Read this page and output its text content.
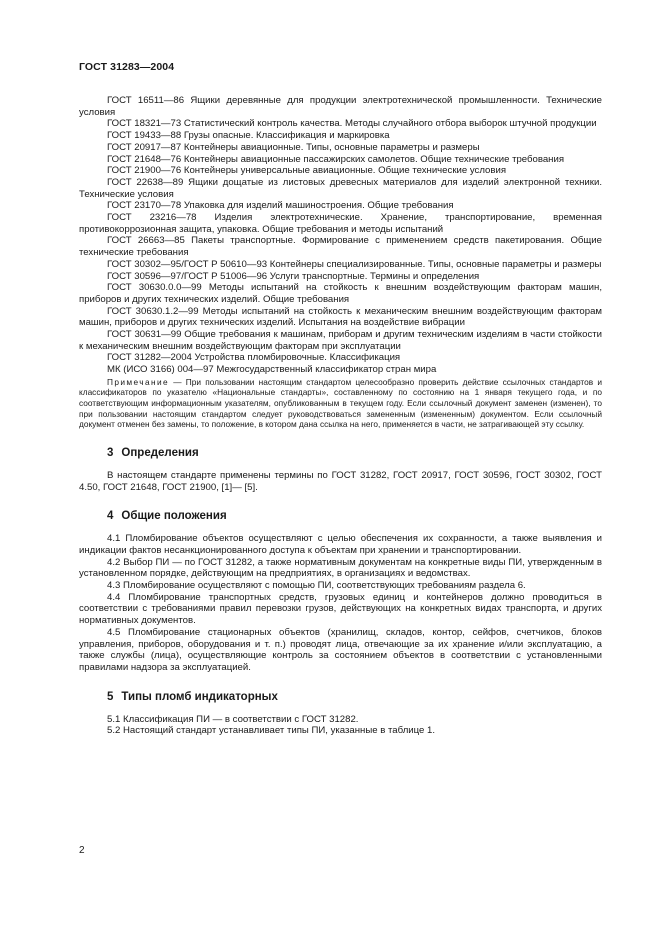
ГОСТ 31283—2004

ГОСТ 16511—86 Ящики деревянные для продукции электротехнической промышленности. Технические условия

ГОСТ 18321—73 Статистический контроль качества. Методы случайного отбора выборок штучной продукции

ГОСТ 19433—88 Грузы опасные. Классификация и маркировка

ГОСТ 20917—87 Контейнеры авиационные. Типы, основные параметры и размеры

ГОСТ 21648—76 Контейнеры авиационные пассажирских самолетов. Общие технические требования

ГОСТ 21900—76 Контейнеры универсальные авиационные. Общие технические условия

ГОСТ 22638—89 Ящики дощатые из листовых древесных материалов для изделий электронной техники. Технические условия

ГОСТ 23170—78 Упаковка для изделий машиностроения. Общие требования

ГОСТ 23216—78 Изделия электротехнические. Хранение, транспортирование, временная противокоррозионная защита, упаковка. Общие требования и методы испытаний

ГОСТ 26663—85 Пакеты транспортные. Формирование с применением средств пакетирования. Общие технические требования

ГОСТ 30302—95/ГОСТ Р 50610—93 Контейнеры специализированные. Типы, основные параметры и размеры

ГОСТ 30596—97/ГОСТ Р 51006—96 Услуги транспортные. Термины и определения

ГОСТ 30630.0.0—99 Методы испытаний на стойкость к внешним воздействующим факторам машин, приборов и других технических изделий. Общие требования

ГОСТ 30630.1.2—99 Методы испытаний на стойкость к механическим внешним воздействующим факторам машин, приборов и других технических изделий. Испытания на воздействие вибрации

ГОСТ 30631—99 Общие требования к машинам, приборам и другим техническим изделиям в части стойкости к механическим внешним воздействующим факторам при эксплуатации

ГОСТ 31282—2004 Устройства пломбировочные. Классификация

МК (ИСО 3166) 004—97 Межгосударственный классификатор стран мира

Примечание — При пользовании настоящим стандартом целесообразно проверить действие ссылочных стандартов и классификаторов по указателю «Национальные стандарты», составленному по состоянию на 1 января текущего года, и по соответствующим информационным указателям, опубликованным в текущем году. Если ссылочный документ заменен (изменен), то при пользовании настоящим стандартом следует руководствоваться замененным (измененным) документом. Если ссылочный документ отменен без замены, то положение, в котором дана ссылка на него, применяется в части, не затрагивающей эту ссылку.

3 Определения

В настоящем стандарте применены термины по ГОСТ 31282, ГОСТ 20917, ГОСТ 30596, ГОСТ 30302, ГОСТ 4.50, ГОСТ 21648, ГОСТ 21900, [1]— [5].

4 Общие положения

4.1 Пломбирование объектов осуществляют с целью обеспечения их сохранности, а также выявления и индикации фактов несанкционированного доступа к объектам при хранении и транспортировании.

4.2 Выбор ПИ — по ГОСТ 31282, а также нормативным документам на конкретные виды ПИ, утвержденным в установленном порядке, действующим на предприятиях, в организациях и ведомствах.

4.3 Пломбирование осуществляют с помощью ПИ, соответствующих требованиям раздела 6.

4.4 Пломбирование транспортных средств, грузовых единиц и контейнеров должно проводиться в соответствии с требованиями правил перевозки грузов, действующих на конкретных видах транспорта, и других нормативных документов.

4.5 Пломбирование стационарных объектов (хранилищ, складов, контор, сейфов, счетчиков, блоков управления, приборов, оборудования и т. п.) проводят лица, отвечающие за их хранение и/или эксплуатацию, а также службы (лица), осуществляющие контроль за состоянием объектов в соответствии с установленными правилами надзора за эксплуатацией.

5 Типы пломб индикаторных

5.1 Классификация ПИ — в соответствии с ГОСТ 31282.

5.2 Настоящий стандарт устанавливает типы ПИ, указанные в таблице 1.

2
